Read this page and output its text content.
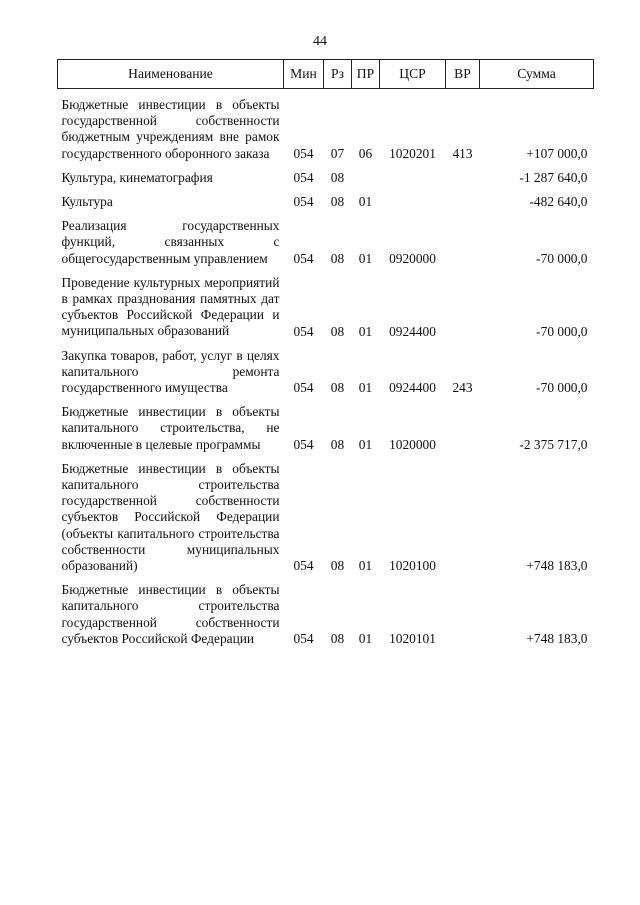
44
Наименование	Мин	Рз	ПР	ЦСР	ВР	Сумма
Бюджетные инвестиции в объекты государственной собственности бюджетным учреждениям вне рамок государственного оборонного заказа	054	07	06	1020201	413	+107 000,0
Культура, кинематография	054	08				-1 287 640,0
Культура	054	08	01			-482 640,0
Реализация государственных функций, связанных с общегосударственным управлением	054	08	01	0920000		-70 000,0
Проведение культурных мероприятий в рамках празднования памятных дат субъектов Российской Федерации и муниципальных образований	054	08	01	0924400		-70 000,0
Закупка товаров, работ, услуг в целях капитального ремонта государственного имущества	054	08	01	0924400	243	-70 000,0
Бюджетные инвестиции в объекты капитального строительства, не включенные в целевые программы	054	08	01	1020000		-2 375 717,0
Бюджетные инвестиции в объекты капитального строительства государственной собственности субъектов Российской Федерации (объекты капитального строительства собственности муниципальных образований)	054	08	01	1020100		+748 183,0
Бюджетные инвестиции в объекты капитального строительства государственной собственности субъектов Российской Федерации	054	08	01	1020101		+748 183,0
